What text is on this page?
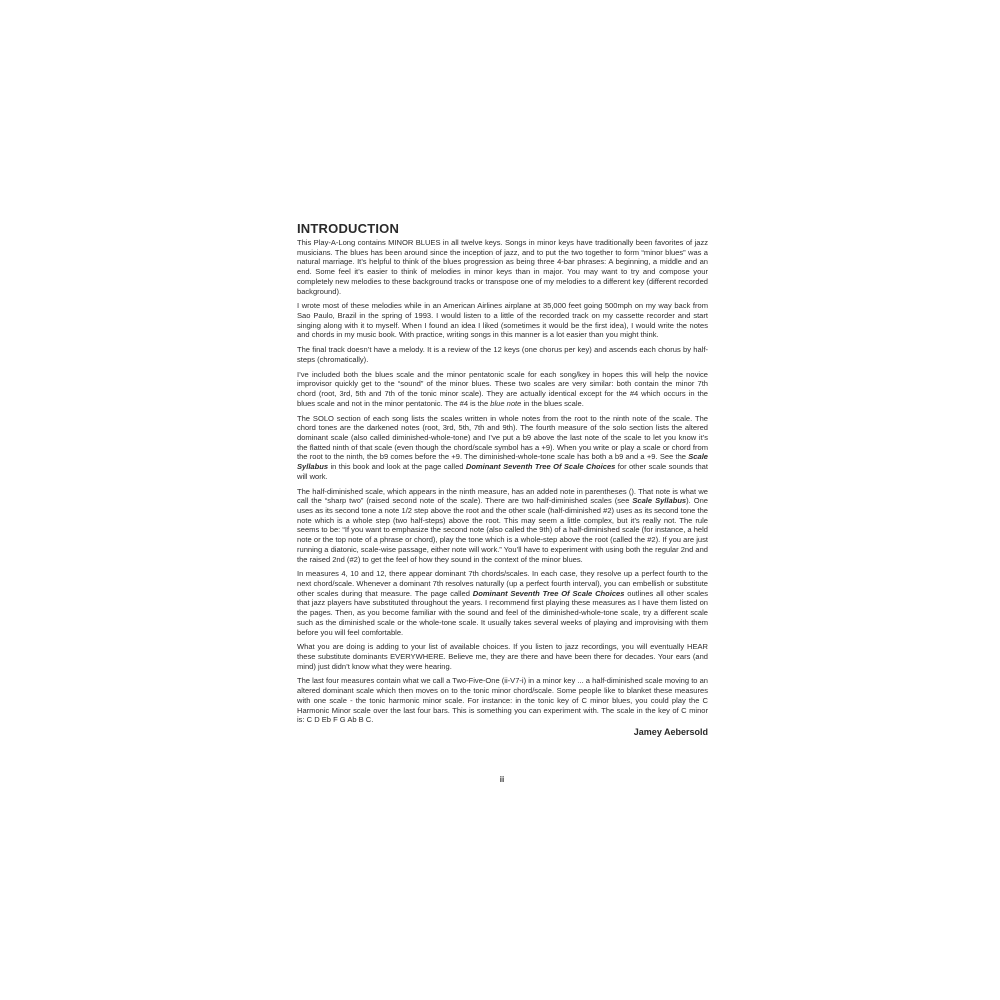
INTRODUCTION

This Play-A-Long contains MINOR BLUES in all twelve keys. Songs in minor keys have traditionally been favorites of jazz musicians. The blues has been around since the inception of jazz, and to put the two together to form “minor blues” was a natural marriage. It’s helpful to think of the blues progression as being three 4-bar phrases: A beginning, a middle and an end. Some feel it’s easier to think of melodies in minor keys than in major. You may want to try and compose your completely new melodies to these background tracks or transpose one of my melodies to a different key (different recorded background).

I wrote most of these melodies while in an American Airlines airplane at 35,000 feet going 500mph on my way back from Sao Paulo, Brazil in the spring of 1993. I would listen to a little of the recorded track on my cassette recorder and start singing along with it to myself. When I found an idea I liked (sometimes it would be the first idea), I would write the notes and chords in my music book. With practice, writing songs in this manner is a lot easier than you might think.

The final track doesn’t have a melody. It is a review of the 12 keys (one chorus per key) and ascends each chorus by half-steps (chromatically).

I’ve included both the blues scale and the minor pentatonic scale for each song/key in hopes this will help the novice improvisor quickly get to the “sound” of the minor blues. These two scales are very similar: both contain the minor 7th chord (root, 3rd, 5th and 7th of the tonic minor scale). They are actually identical except for the #4 which occurs in the blues scale and not in the minor pentatonic. The #4 is the blue note in the blues scale.

The SOLO section of each song lists the scales written in whole notes from the root to the ninth note of the scale. The chord tones are the darkened notes (root, 3rd, 5th, 7th and 9th). The fourth measure of the solo section lists the altered dominant scale (also called diminished-whole-tone) and I’ve put a b9 above the last note of the scale to let you know it’s the flatted ninth of that scale (even though the chord/scale symbol has a +9). When you write or play a scale or chord from the root to the ninth, the b9 comes before the +9. The diminished-whole-tone scale has both a b9 and a +9. See the Scale Syllabus in this book and look at the page called Dominant Seventh Tree Of Scale Choices for other scale sounds that will work.

The half-diminished scale, which appears in the ninth measure, has an added note in parentheses (). That note is what we call the “sharp two” (raised second note of the scale). There are two half-diminished scales (see Scale Syllabus). One uses as its second tone a note 1/2 step above the root and the other scale (half-diminished #2) uses as its second tone the note which is a whole step (two half-steps) above the root. This may seem a little complex, but it’s really not. The rule seems to be: “If you want to emphasize the second note (also called the 9th) of a half-diminished scale (for instance, a held note or the top note of a phrase or chord), play the tone which is a whole-step above the root (called the #2). If you are just running a diatonic, scale-wise passage, either note will work.” You’ll have to experiment with using both the regular 2nd and the raised 2nd (#2) to get the feel of how they sound in the context of the minor blues.

In measures 4, 10 and 12, there appear dominant 7th chords/scales. In each case, they resolve up a perfect fourth to the next chord/scale. Whenever a dominant 7th resolves naturally (up a perfect fourth interval), you can embellish or substitute other scales during that measure. The page called Dominant Seventh Tree Of Scale Choices outlines all other scales that jazz players have substituted throughout the years. I recommend first playing these measures as I have them listed on the pages. Then, as you become familiar with the sound and feel of the diminished-whole-tone scale, try a different scale such as the diminished scale or the whole-tone scale. It usually takes several weeks of playing and improvising with them before you will feel comfortable.

What you are doing is adding to your list of available choices. If you listen to jazz recordings, you will eventually HEAR these substitute dominants EVERYWHERE. Believe me, they are there and have been there for decades. Your ears (and mind) just didn’t know what they were hearing.

The last four measures contain what we call a Two-Five-One (ii-V7-i) in a minor key ... a half-diminished scale moving to an altered dominant scale which then moves on to the tonic minor chord/scale. Some people like to blanket these measures with one scale - the tonic harmonic minor scale. For instance: in the tonic key of C minor blues, you could play the C Harmonic Minor scale over the last four bars. This is something you can experiment with. The scale in the key of C minor is: C D Eb F G Ab B C.

Jamey Aebersold
ii
